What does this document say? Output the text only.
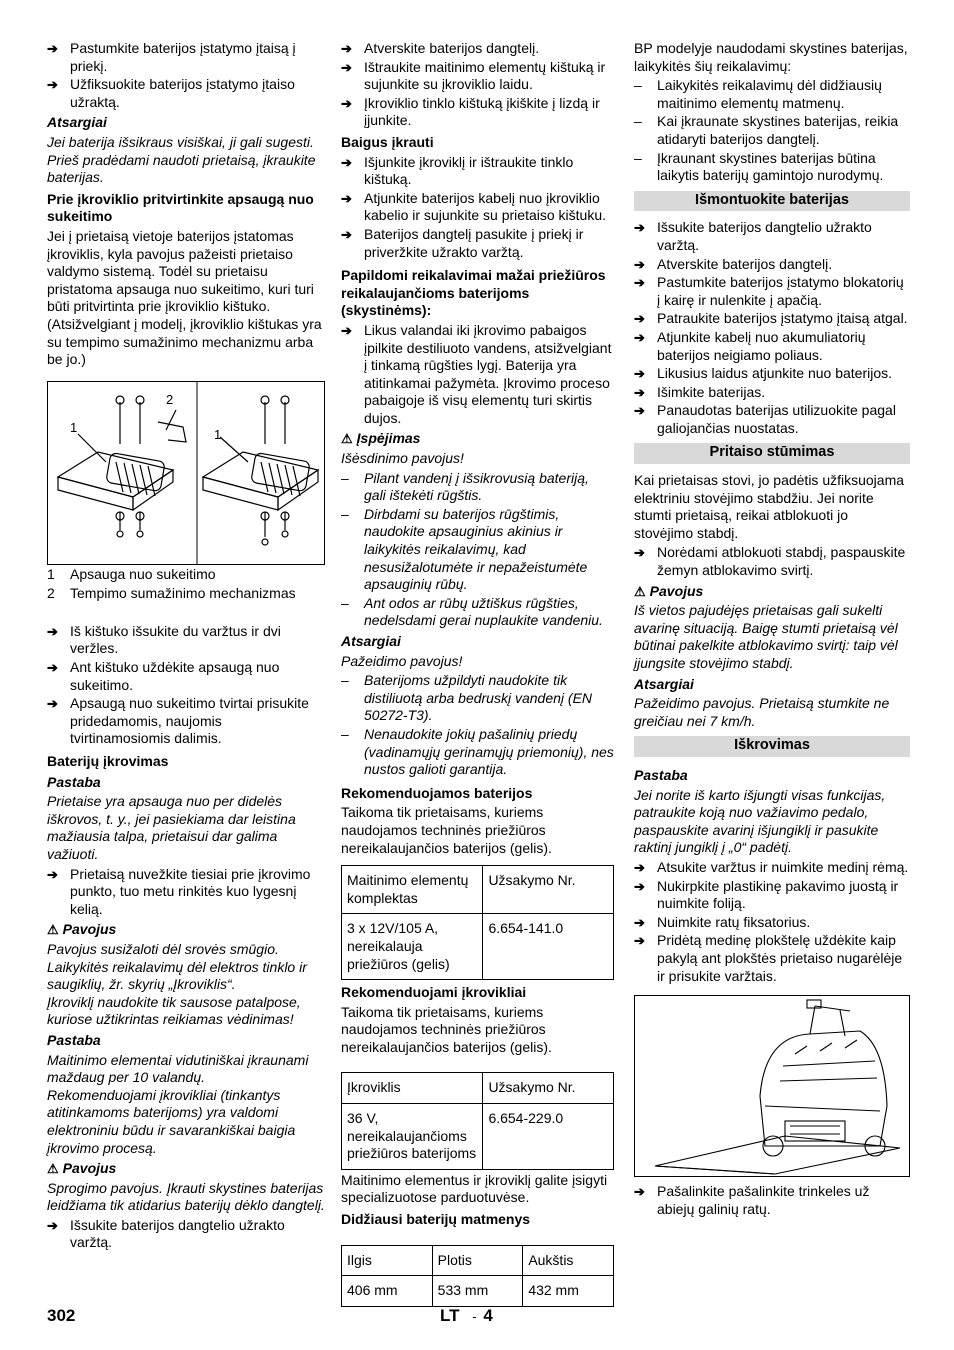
➔ Pastumkite baterijos įstatymo įtaisą į priekį.

➔ Užfiksuokite baterijos įstatymo įtaiso užraktą.

Atsargiai

Jei baterija išsikraus visiškai, ji gali sugesti. Prieš pradėdami naudoti prietaisą, įkraukite baterijas.

Prie įkroviklio pritvirtinkite apsaugą nuo sukeitimo

Jei į prietaisą vietoje baterijos įstatomas įkroviklis, kyla pavojus pažeisti prietaiso valdymo sistemą. Todėl su prietaisu pristatoma apsauga nuo sukeitimo, kuri turi būti pritvirtinta prie įkroviklio kištuko. (Atsižvelgiant į modelį, įkroviklio kištukas yra su tempimo sumažinimo mechanizmu arba be jo.)

1
2
1
1	Apsauga nuo sukeitimo
2	Tempimo sumažinimo mechanizmas

➔ Iš kištuko išsukite du varžtus ir dvi veržles.

➔ Ant kištuko uždėkite apsaugą nuo sukeitimo.

➔ Apsaugą nuo sukeitimo tvirtai prisukite pridedamomis, naujomis tvirtinamosiomis dalimis.

Baterijų įkrovimas

Pastaba

Prietaise yra apsauga nuo per didelės iškrovos, t. y., jei pasiekiama dar leistina mažiausia talpa, prietaisui dar galima važiuoti.

➔ Prietaisą nuvežkite tiesiai prie įkrovimo punkto, tuo metu rinkitės kuo lygesnį kelią.

⚠ Pavojus

Pavojus susižaloti dėl srovės smūgio. Laikykitės reikalavimų dėl elektros tinklo ir saugiklių, žr. skyrių „Įkroviklis“.

Įkroviklį naudokite tik sausose patalpose, kuriose užtikrintas reikiamas vėdinimas!

Pastaba

Maitinimo elementai vidutiniškai įkraunami maždaug per 10 valandų.

Rekomenduojami įkrovikliai (tinkantys atitinkamoms baterijoms) yra valdomi elektroniniu būdu ir savarankiškai baigia įkrovimo procesą.

⚠ Pavojus

Sprogimo pavojus. Įkrauti skystines baterijas leidžiama tik atidarius baterijų dėklo dangtelį.

➔ Išsukite baterijos dangtelio užrakto varžtą.

➔ Atverskite baterijos dangtelį.

➔ Ištraukite maitinimo elementų kištuką ir sujunkite su įkroviklio laidu.

➔ Įkroviklio tinklo kištuką įkiškite į lizdą ir įjunkite.

Baigus įkrauti

➔ Išjunkite įkroviklį ir ištraukite tinklo kištuką.

➔ Atjunkite baterijos kabelį nuo įkroviklio kabelio ir sujunkite su prietaiso kištuku.

➔ Baterijos dangtelį pasukite į priekį ir priveržkite užrakto varžtą.

Papildomi reikalavimai mažai priežiūros reikalaujančioms baterijoms (skystinėms):

➔ Likus valandai iki įkrovimo pabaigos įpilkite destiliuoto vandens, atsižvelgiant į tinkamą rūgšties lygį. Baterija yra atitinkamai pažymėta. Įkrovimo proceso pabaigoje iš visų elementų turi skirtis dujos.

⚠ Įspėjimas

Išėsdinimo pavojus!

– Pilant vandenį į išsikrovusią bateriją, gali ištekėti rūgštis.

– Dirbdami su baterijos rūgštimis, naudokite apsauginius akinius ir laikykitės reikalavimų, kad nesusižalotumėte ir nepažeistumėte apsauginių rūbų.

– Ant odos ar rūbų užtiškus rūgšties, nedelsdami gerai nuplaukite vandeniu.

Atsargiai

Pažeidimo pavojus!

– Baterijoms užpildyti naudokite tik distiliuotą arba bedruskį vandenį (EN 50272-T3).

– Nenaudokite jokių pašalinių priedų (vadinamųjų gerinamųjų priemonių), nes nustos galioti garantija.

Rekomenduojamos baterijos

Taikoma tik prietaisams, kuriems naudojamos techninės priežiūros nereikalaujančios baterijos (gelis).

Maitinimo elementų komplektas	Užsakymo Nr.
3 x 12V/105 A, nereikalauja priežiūros (gelis)	6.654-141.0

Rekomenduojami įkrovikliai

Taikoma tik prietaisams, kuriems naudojamos techninės priežiūros nereikalaujančios baterijos (gelis).

Įkroviklis	Užsakymo Nr.
36 V, nereikalaujančioms priežiūros baterijoms	6.654-229.0

Maitinimo elementus ir įkroviklį galite įsigyti specializuotose parduotuvėse.

Didžiausi baterijų matmenys

Ilgis	Plotis	Aukštis
406 mm	533 mm	432 mm

BP modelyje naudodami skystines baterijas, laikykitės šių reikalavimų:

– Laikykitės reikalavimų dėl didžiausių maitinimo elementų matmenų.

– Kai įkraunate skystines baterijas, reikia atidaryti baterijos dangtelį.

– Įkraunant skystines baterijas būtina laikytis baterijų gamintojo nurodymų.

Išmontuokite baterijas

➔ Išsukite baterijos dangtelio užrakto varžtą.

➔ Atverskite baterijos dangtelį.

➔ Pastumkite baterijos įstatymo blokatorių į kairę ir nulenkite į apačią.

➔ Patraukite baterijos įstatymo įtaisą atgal.

➔ Atjunkite kabelį nuo akumuliatorių baterijos neigiamo poliaus.

➔ Likusius laidus atjunkite nuo baterijos.

➔ Išimkite baterijas.

➔ Panaudotas baterijas utilizuokite pagal galiojančias nuostatas.

Pritaiso stūmimas

Kai prietaisas stovi, jo padėtis užfiksuojama elektriniu stovėjimo stabdžiu. Jei norite stumti prietaisą, reikai atblokuoti jo stovėjimo stabdį.

➔ Norėdami atblokuoti stabdį, paspauskite žemyn atblokavimo svirtį.

⚠ Pavojus

Iš vietos pajudėjęs prietaisas gali sukelti avarinę situaciją. Baigę stumti prietaisą vėl būtinai pakelkite atblokavimo svirtį: taip vėl įjungsite stovėjimo stabdį.

Atsargiai

Pažeidimo pavojus. Prietaisą stumkite ne greičiau nei 7 km/h.

Iškrovimas

Pastaba

Jei norite iš karto išjungti visas funkcijas, patraukite koją nuo važiavimo pedalo, paspauskite avarinį išjungiklį ir pasukite raktinį jungiklį į „0“ padėtį.

➔ Atsukite varžtus ir nuimkite medinį rėmą.

➔ Nukirpkite plastikinę pakavimo juostą ir nuimkite foliją.

➔ Nuimkite ratų fiksatorius.

➔ Pridėtą medinę plokštelę uždėkite kaip pakylą ant plokštės prietaiso nugarėlėje ir prisukite varžtais.

➔ Pašalinkite pašalinkite trinkeles už abiejų galinių ratų.

302	LT - 4
